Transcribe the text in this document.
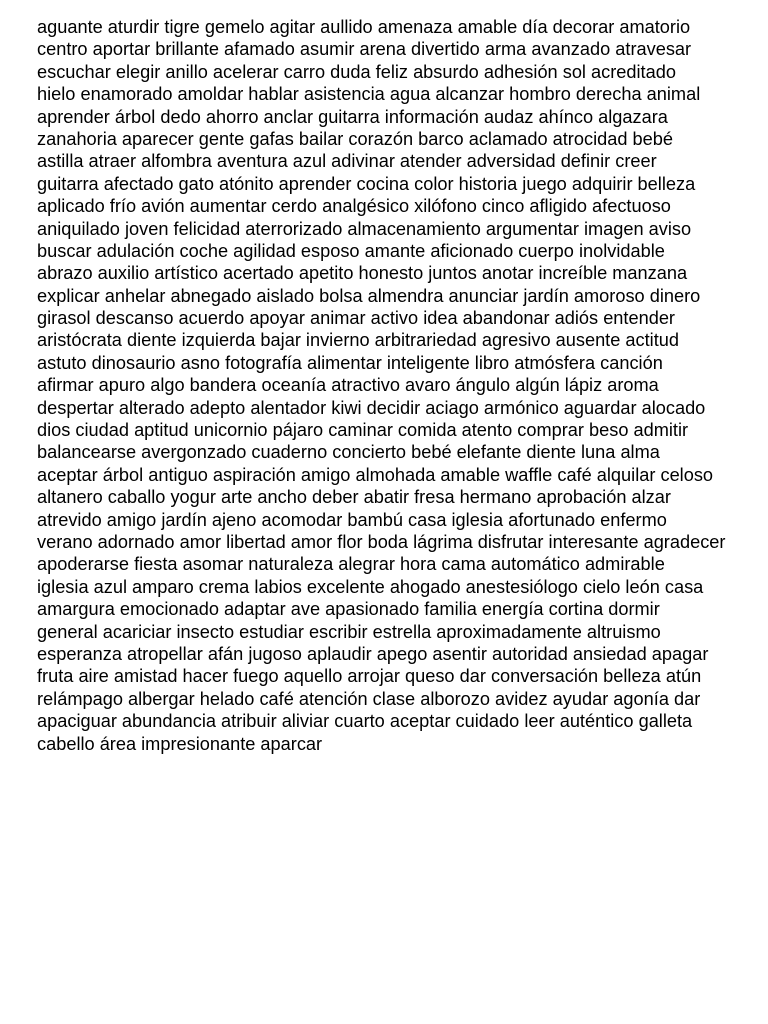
aguante aturdir tigre gemelo agitar aullido amenaza amable día decorar amatorio
centro aportar brillante afamado asumir arena divertido arma avanzado atravesar
escuchar elegir anillo acelerar carro duda feliz absurdo adhesión sol acreditado
hielo enamorado amoldar hablar asistencia agua alcanzar hombro derecha animal
aprender árbol dedo ahorro anclar guitarra información audaz ahínco algazara
zanahoria aparecer gente gafas bailar corazón barco aclamado atrocidad bebé
astilla atraer alfombra aventura azul adivinar atender adversidad definir creer
guitarra afectado gato atónito aprender cocina color historia juego adquirir belleza
aplicado frío avión aumentar cerdo analgésico xilófono cinco afligido afectuoso
aniquilado joven felicidad aterrorizado almacenamiento argumentar imagen aviso
buscar adulación coche agilidad esposo amante aficionado cuerpo inolvidable
abrazo auxilio artístico acertado apetito honesto juntos anotar increíble manzana
explicar anhelar abnegado aislado bolsa almendra anunciar jardín amoroso dinero
girasol descanso acuerdo apoyar animar activo idea abandonar adiós entender
aristócrata diente izquierda bajar invierno arbitrariedad agresivo ausente actitud
astuto dinosaurio asno fotografía alimentar inteligente libro atmósfera canción
afirmar apuro algo bandera oceanía atractivo avaro ángulo algún lápiz aroma
despertar alterado adepto alentador kiwi decidir aciago armónico aguardar alocado
dios ciudad aptitud unicornio pájaro caminar comida atento comprar beso admitir
balancearse avergonzado cuaderno concierto bebé elefante diente luna alma
aceptar árbol antiguo aspiración amigo almohada amable waffle café alquilar celoso
altanero caballo yogur arte ancho deber abatir fresa hermano aprobación alzar
atrevido amigo jardín ajeno acomodar bambú casa iglesia afortunado enfermo
verano adornado amor libertad amor flor boda lágrima disfrutar interesante agradecer
apoderarse fiesta asomar naturaleza alegrar hora cama automático admirable
iglesia azul amparo crema labios excelente ahogado anestesiólogo cielo león casa
amargura emocionado adaptar ave apasionado familia energía cortina dormir
general acariciar insecto estudiar escribir estrella aproximadamente altruismo
esperanza atropellar afán jugoso aplaudir apego asentir autoridad ansiedad apagar
fruta aire amistad hacer fuego aquello arrojar queso dar conversación belleza atún
relámpago albergar helado café atención clase alborozo avidez ayudar agonía dar
apaciguar abundancia atribuir aliviar cuarto aceptar cuidado leer auténtico galleta
cabello área impresionante aparcar
